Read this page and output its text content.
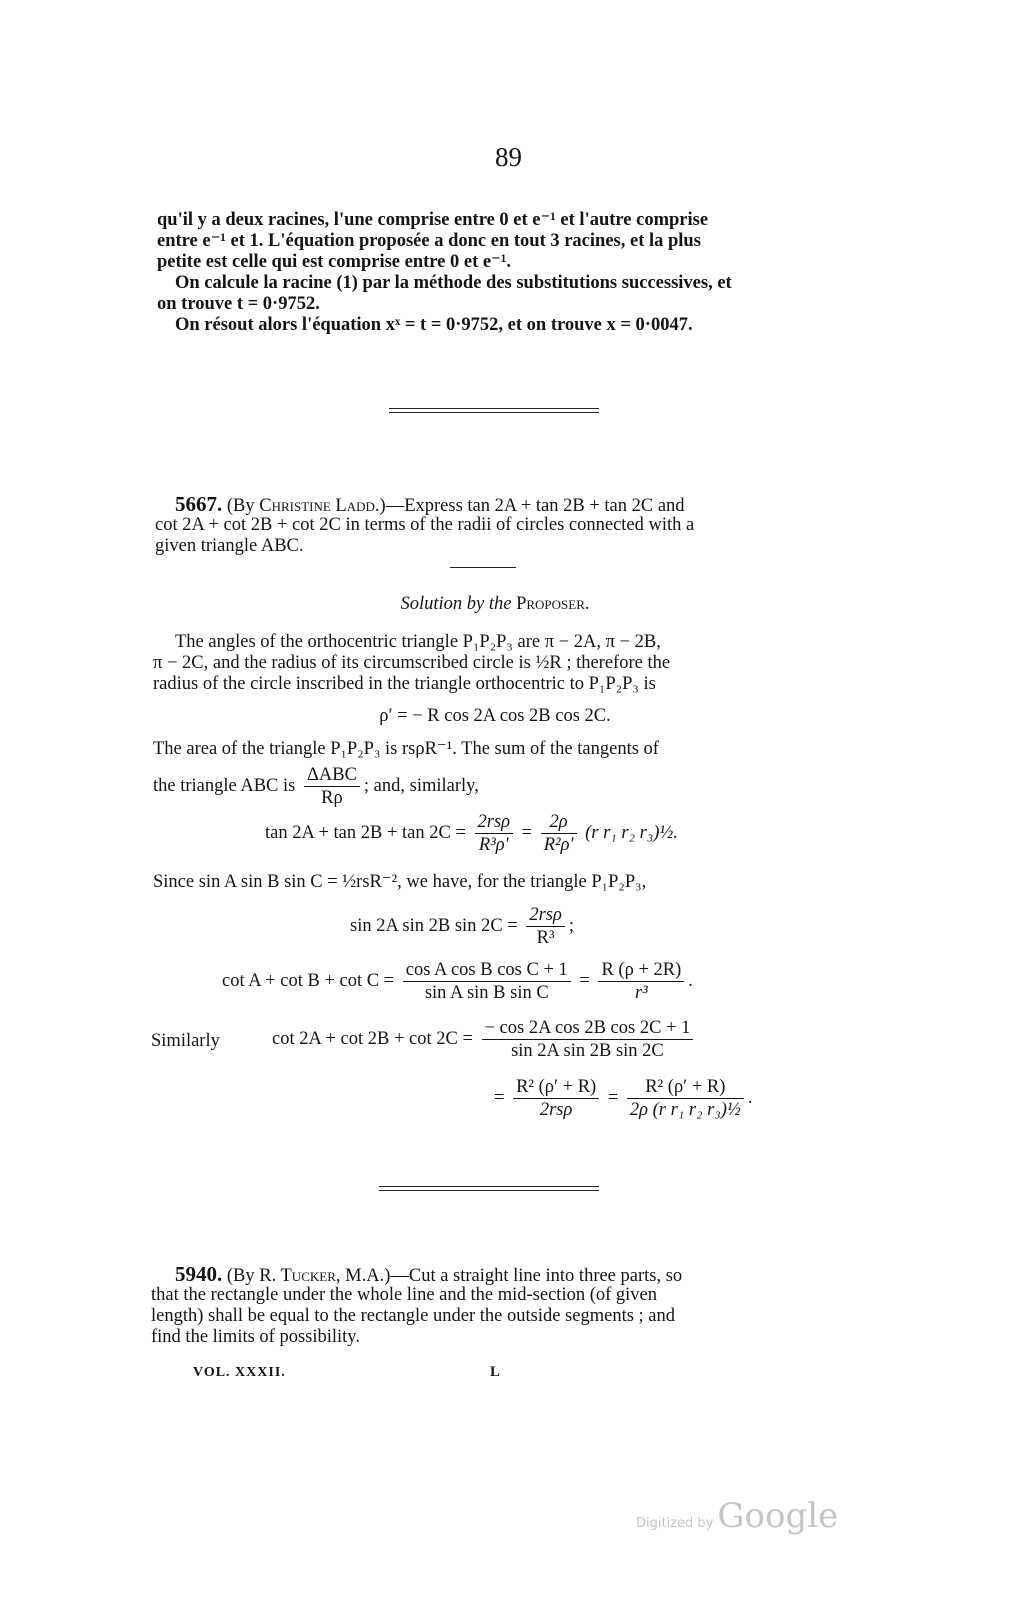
89
qu'il y a deux racines, l'une comprise entre 0 et e⁻¹ et l'autre comprise
entre e⁻¹ et 1. L'équation proposée a donc en tout 3 racines, et la plus
petite est celle qui est comprise entre 0 et e⁻¹.
On calcule la racine (1) par la méthode des substitutions successives, et
on trouve t = 0·9752.
On résout alors l'équation xˣ = t = 0·9752, et on trouve x = 0·0047.
5667. (By Christine Ladd.)—Express tan 2A + tan 2B + tan 2C and
cot 2A + cot 2B + cot 2C in terms of the radii of circles connected with a
given triangle ABC.
Solution by the Proposer.
The angles of the orthocentric triangle P₁P₂P₃ are π − 2A, π − 2B,
π − 2C, and the radius of its circumscribed circle is ½R ; therefore the
radius of the circle inscribed in the triangle orthocentric to P₁P₂P₃ is
ρ′ = − R cos 2A cos 2B cos 2C.
The area of the triangle P₁P₂P₃ is rsρR⁻¹. The sum of the tangents of
the triangle ABC is $\frac{\text{ΔABC}}{R\rho}$ ; and, similarly,
$\tan 2A + \tan 2B + \tan 2C = \frac{\text{2rsρ}}{\text{R³ρ′}} = \frac{2\rho}{\text{R²ρ′}} (r$ r₁ r₂ r₃)½.
Since sin A sin B sin C = ½rsR⁻², we have, for the triangle P₁P₂P₃,
sin 2A sin 2B $\sin 2C = \frac{\text{2rsρ}}{\text{R³}}$ ;
$\cot A + \cot B + \cot C = \frac{\text{cos A cos B cos C + 1}}{\text{sin A sin B sin C}} = \frac{R (\rho + 2R)}{\text{r³}}$ .
Similarly	$\cot 2A + \cot 2B + \cot 2C = \frac{\text{− cos 2A cos 2B cos 2C + 1}}{\text{sin 2A sin 2B sin 2C}}$
= $\frac{\text{R² (ρ′ + R)}}{\text{2rsρ}} = \frac{\text{R² (ρ′ + R)}}{\text{2ρ (r r₁ r₂ r₃)½}}$ .
5940. (By R. Tucker, M.A.)—Cut a straight line into three parts, so
that the rectangle under the whole line and the mid-section (of given
length) shall be equal to the rectangle under the outside segments ; and
find the limits of possibility.
VOL. XXXII.	L
Digitized by Google
